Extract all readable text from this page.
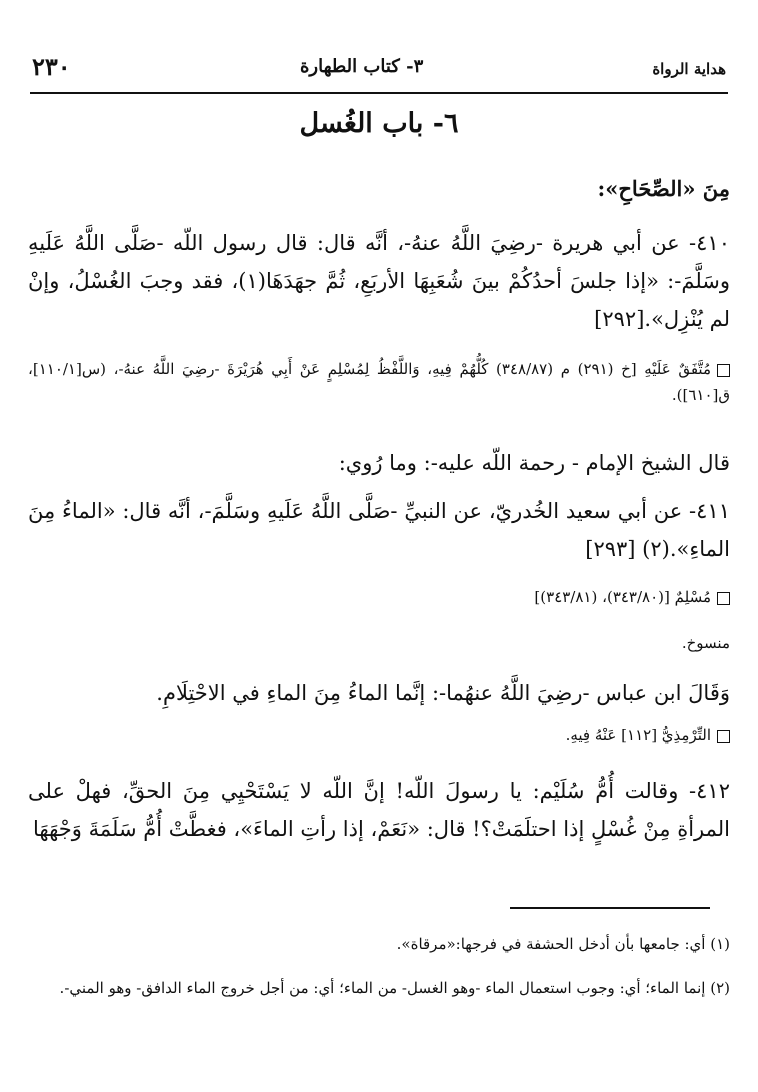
٢٣٠	٣- كتاب الطهارة	هداية الرواة
٦- باب الغُسل
مِنَ «الصِّحَاحِ»:
٤١٠- عن أبي هريرة -رضِيَ اللَّهُ عنهُ-، أنَّه قال: قال رسول اللّه -صَلَّى اللَّهُ عَلَيهِ وسَلَّمَ-: «إذا جلسَ أحدُكُمْ بينَ شُعَبِهَا الأربَعِ، ثُمَّ جهَدَهَا(١)، فقد وجبَ الغُسْلُ، وإنْ لم يُنْزِل».[٢٩٢]
مُتَّفَقٌ عَلَيْهِ [خ (٢٩١) م (٣٤٨/٨٧) كُلُّهُمْ فِيهِ، وَاللَّفْظُ لِمُسْلِمٍ عَنْ أَبِي هُرَيْرَةَ -رضِيَ اللَّهُ عنهُ-، (س[١١٠/١]، ق[٦١٠]).
قال الشيخ الإمام - رحمة اللّه عليه-: وما رُوي:
٤١١- عن أبي سعيد الخُدريّ، عن النبيِّ -صَلَّى اللَّهُ عَلَيهِ وسَلَّمَ-، أنَّه قال: «الماءُ مِنَ الماءِ».(٢) [٢٩٣]
مُسْلِمٌ [(٣٤٣/٨٠)، (٣٤٣/٨١)]
منسوخ.
وَقَالَ ابن عباس -رضِيَ اللَّهُ عنهُما-: إنَّما الماءُ مِنَ الماءِ في الاحْتِلَامِ.
التِّرْمِذِيُّ [١١٢] عَنْهُ فِيهِ.
٤١٢- وقالت أُمُّ سُلَيْم: يا رسولَ اللّه! إنَّ اللّه لا يَسْتَحْيِي مِنَ الحقِّ، فهلْ على المرأةِ مِنْ غُسْلٍ إذا احتلَمَتْ؟! قال: «نَعَمْ، إذا رأتِ الماءَ»، فغطَّتْ أُمُّ سَلَمَةَ وَجْهَهَا
(١) أي: جامعها بأن أدخل الحشفة في فرجها:«مرقاة».
(٢) إنما الماء؛ أي: وجوب استعمال الماء -وهو الغسل- من الماء؛ أي: من أجل خروج الماء الدافق- وهو المني-.
